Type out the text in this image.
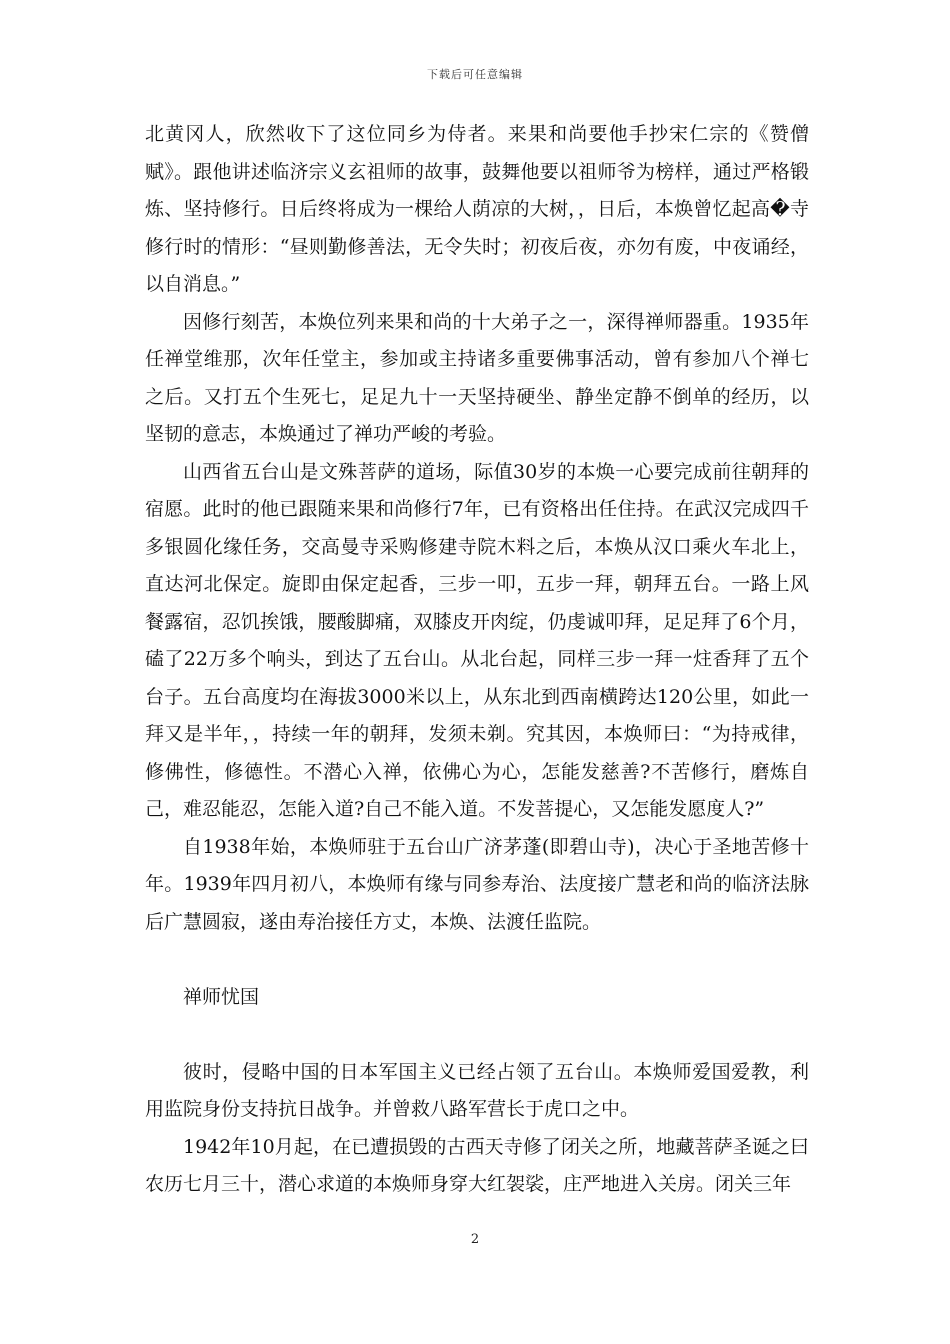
下载后可任意编辑

北黄冈人，欣然收下了这位同乡为侍者。来果和尚要他手抄宋仁宗的《赞僧赋》。跟他讲述临济宗义玄祖师的故事，鼓舞他要以祖师爷为榜样，通过严格锻炼、坚持修行。日后终将成为一棵给人荫凉的大树，，日后，本焕曾忆起高�寺修行时的情形：“昼则勤修善法，无令失时；初夜后夜，亦勿有废，中夜诵经，以自消息。”

因修行刻苦，本焕位列来果和尚的十大弟子之一，深得禅师器重。1935年任禅堂维那，次年任堂主，参加或主持诸多重要佛事活动，曾有参加八个禅七之后。又打五个生死七，足足九十一天坚持硬坐、静坐定静不倒单的经历，以坚韧的意志，本焕通过了禅功严峻的考验。

山西省五台山是文殊菩萨的道场，际值30岁的本焕一心要完成前往朝拜的宿愿。此时的他已跟随来果和尚修行7年，已有资格出任住持。在武汉完成四千多银圆化缘任务，交高曼寺采购修建寺院木料之后，本焕从汉口乘火车北上，直达河北保定。旋即由保定起香，三步一叩，五步一拜，朝拜五台。一路上风餐露宿，忍饥挨饿，腰酸脚痛，双膝皮开肉绽，仍虔诚叩拜，足足拜了6个月，磕了22万多个响头，到达了五台山。从北台起，同样三步一拜一炷香拜了五个台子。五台高度均在海拔3000米以上，从东北到西南横跨达120公里，如此一拜又是半年，，持续一年的朝拜，发须未剃。究其因，本焕师曰：“为持戒律，修佛性，修德性。不潜心入禅，依佛心为心，怎能发慈善?不苦修行，磨炼自己，难忍能忍，怎能入道?自己不能入道。不发菩提心，又怎能发愿度人?”

自1938年始，本焕师驻于五台山广济茅蓬(即碧山寺)，决心于圣地苦修十年。1939年四月初八，本焕师有缘与同参寿治、法度接广慧老和尚的临济法脉后广慧圆寂，遂由寿治接任方丈，本焕、法渡任监院。

禅师忧国

彼时，侵略中国的日本军国主义已经占领了五台山。本焕师爱国爱教，利用监院身份支持抗日战争。并曾救八路军营长于虎口之中。

1942年10月起，在已遭损毁的古西天寺修了闭关之所，地藏菩萨圣诞之曰农历七月三十，潜心求道的本焕师身穿大红袈裟，庄严地进入关房。闭关三年

2
